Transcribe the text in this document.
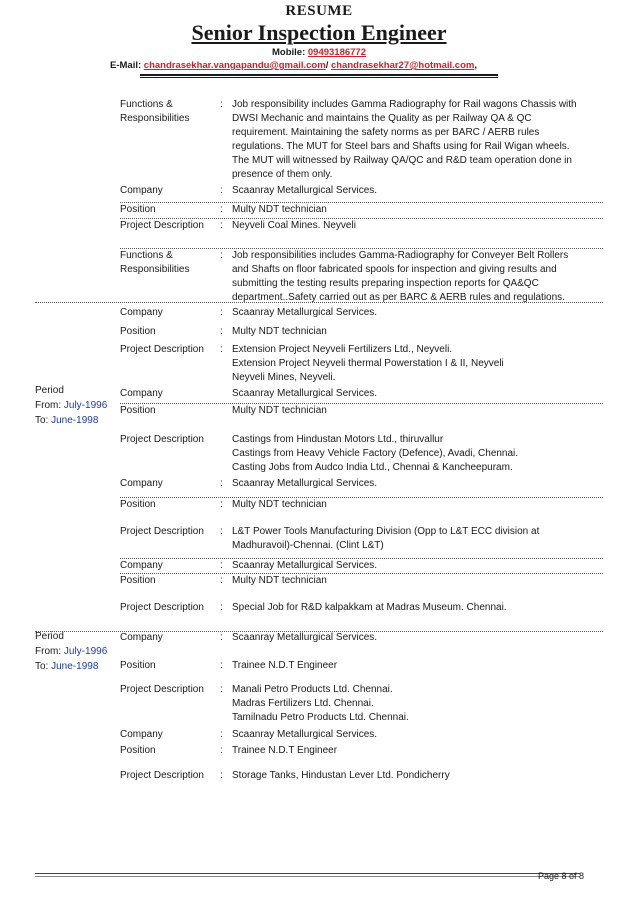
RESUME
Senior Inspection Engineer
Mobile: 09493186772
E-Mail: chandrasekhar.vangapandu@gmail.com/ chandrasekhar27@hotmail.com,
Functions & Responsibilities
: Job responsibility includes Gamma Radiography for Rail wagons Chassis with
DWSI Mechanic and maintains the Quality as per Railway QA & QC
requirement. Maintaining the safety norms as per BARC / AERB rules
regulations. The MUT for Steel bars and Shafts using for Rail Wigan wheels.
The MUT will witnessed by Railway QA/QC and R&D team operation done in
presence of them only.
Company	: Scaanray Metallurgical Services.
Position	: Multy NDT technician
Project Description	: Neyveli Coal Mines. Neyveli
Functions & Responsibilities
: Job responsibilities includes Gamma-Radiography for Conveyer Belt Rollers
and Shafts on floor fabricated spools for inspection and giving results and
submitting the testing results preparing inspection reports for QA&QC
department..Safety carried out as per BARC & AERB rules and regulations.
Period
From: July-1996
To: June-1998
Company	: Scaanray Metallurgical Services.
Position	: Multy NDT technician
Project Description	: Extension Project Neyveli Fertilizers Ltd., Neyveli.
Extension Project Neyveli thermal Powerstation I & II, Neyveli
Neyveli Mines, Neyveli.
Company	Scaanray Metallurgical Services.
Position	Multy NDT technician
Project Description	Castings from Hindustan Motors Ltd., thiruvallur
Castings from Heavy Vehicle Factory (Defence), Avadi, Chennai.
Casting Jobs from Audco India Ltd., Chennai & Kancheepuram.
Company	: Scaanray Metallurgical Services.
Position	: Multy NDT technician
Project Description	: L&T Power Tools Manufacturing Division (Opp to L&T ECC division at
Madhuravoil)-Chennai. (Clint L&T)
Company	: Scaanray Metallurgical Services.
Position	: Multy NDT technician
Project Description	: Special Job for R&D kalpakkam at Madras Museum. Chennai.
Period
From: July-1996
To: June-1998
Company	: Scaanray Metallurgical Services.
Position	: Trainee N.D.T Engineer
Project Description	: Manali Petro Products Ltd. Chennai.
Madras Fertilizers Ltd. Chennai.
Tamilnadu Petro Products Ltd. Chennai.
Company	: Scaanray Metallurgical Services.
Position	: Trainee N.D.T Engineer
Project Description	: Storage Tanks, Hindustan Lever Ltd. Pondicherry
Page 8 of 8
